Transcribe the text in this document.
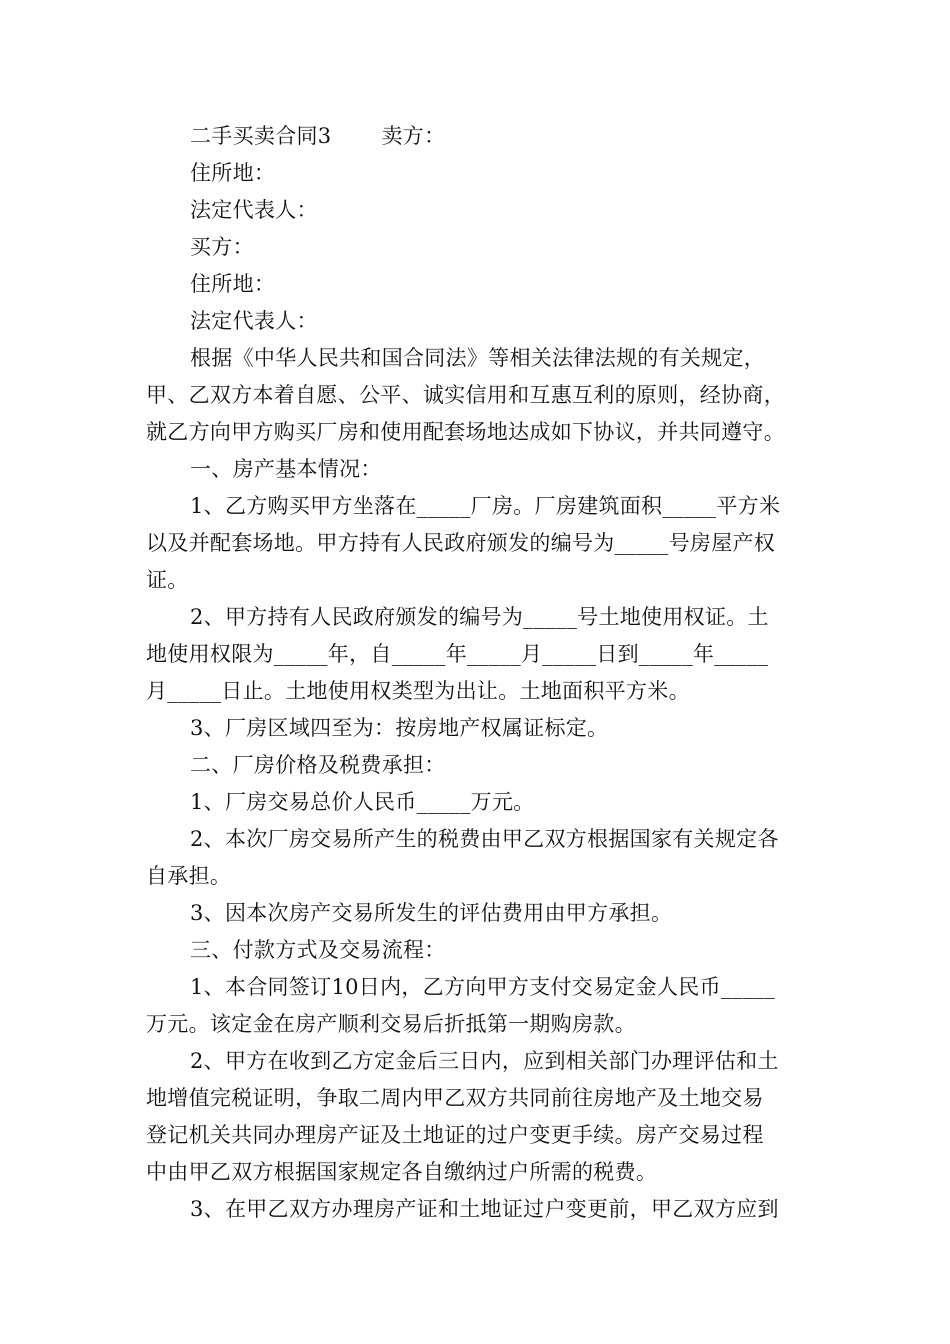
二手买卖合同3 卖方：
住所地：
法定代表人：
买方：
住所地：
法定代表人：
根据《中华人民共和国合同法》等相关法律法规的有关规定，
甲、乙双方本着自愿、公平、诚实信用和互惠互利的原则，经协商，
就乙方向甲方购买厂房和使用配套场地达成如下协议，并共同遵守。
一、房产基本情况：
1、乙方购买甲方坐落在_____厂房。厂房建筑面积_____平方米
以及并配套场地。甲方持有人民政府颁发的编号为_____号房屋产权
证。
2、甲方持有人民政府颁发的编号为_____号土地使用权证。土
地使用权限为_____年，自_____年_____月_____日到_____年_____
月_____日止。土地使用权类型为出让。土地面积平方米。
3、厂房区域四至为：按房地产权属证标定。
二、厂房价格及税费承担：
1、厂房交易总价人民币_____万元。
2、本次厂房交易所产生的税费由甲乙双方根据国家有关规定各
自承担。
3、因本次房产交易所发生的评估费用由甲方承担。
三、付款方式及交易流程：
1、本合同签订10日内，乙方向甲方支付交易定金人民币_____
万元。该定金在房产顺利交易后折抵第一期购房款。
2、甲方在收到乙方定金后三日内，应到相关部门办理评估和土
地增值完税证明，争取二周内甲乙双方共同前往房地产及土地交易
登记机关共同办理房产证及土地证的过户变更手续。房产交易过程
中由甲乙双方根据国家规定各自缴纳过户所需的税费。
3、在甲乙双方办理房产证和土地证过户变更前，甲乙双方应到
